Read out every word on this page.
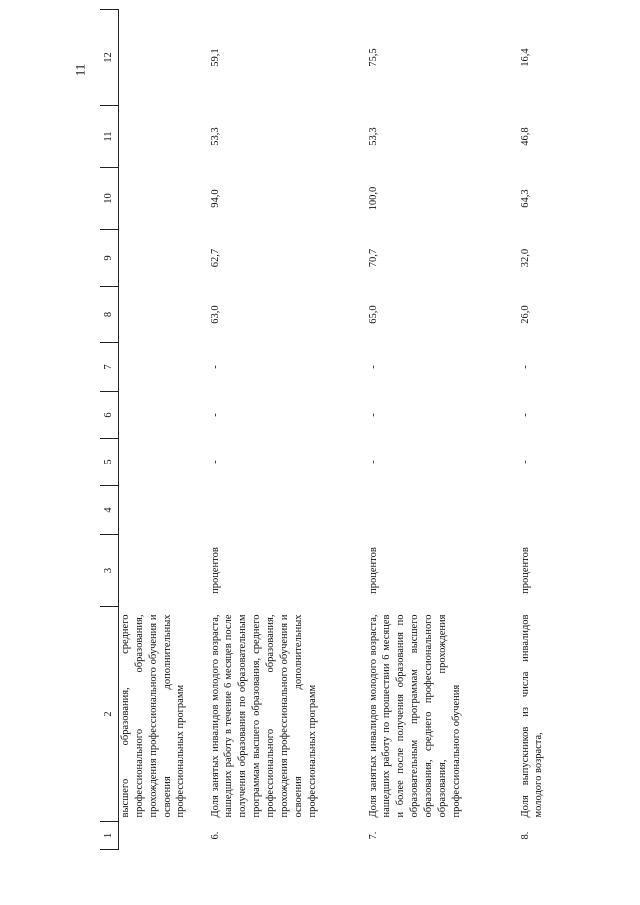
11
1	2	3	4	5	6	7	8	9	10	11	12
	высшего образования, среднего профессионального образования, прохождения профессионального обучения и освоения дополнительных профессиональных программ										
6.	Доля занятых инвалидов молодого возраста, нашедших работу в течение 6 месяцев после получения образования по образовательным программам высшего образования, среднего профессионального образования, прохождения профессионального обучения и освоения дополнительных профессиональных программ	процентов		-	-	-	63,0	62,7	94,0	53,3	59,1
7.	Доля занятых инвалидов молодого возраста, нашедших работу по прошествии 6 месяцев и более после получения образования по образовательным программам высшего образования, среднего профессионального образования, прохождения профессионального обучения	процентов		-	-	-	65,0	70,7	100,0	53,3	75,5
8.	Доля выпускников из числа инвалидов молодого возраста,	процентов		-	-	-	26,0	32,0	64,3	46,8	16,4
